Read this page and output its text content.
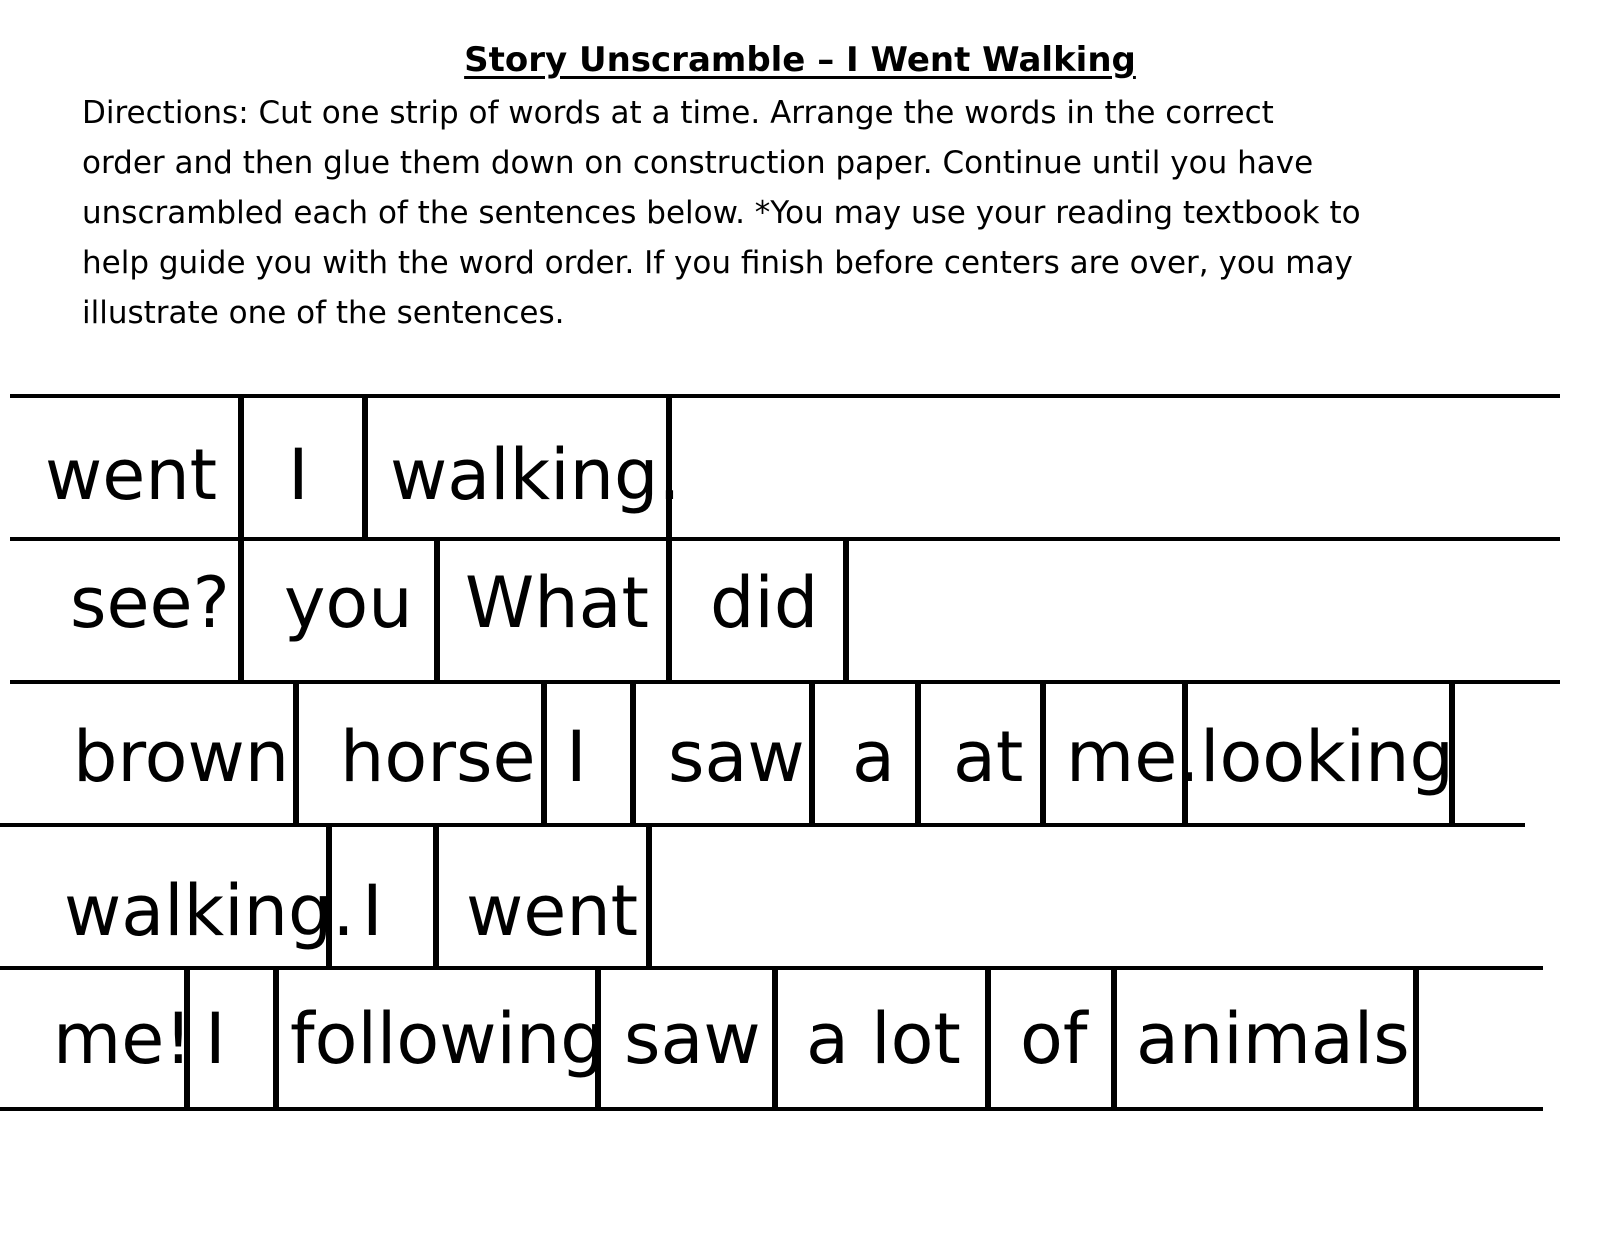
Story Unscramble – I Went Walking
Directions: Cut one strip of words at a time. Arrange the words in the correct
order and then glue them down on construction paper. Continue until you have
unscrambled each of the sentences below. *You may use your reading textbook to
help guide you with the word order. If you finish before centers are over, you may
illustrate one of the sentences.
went I walking.
see? you What did
brown horse I saw a at me. looking
walking. I went
me! I following saw a lot of animals
